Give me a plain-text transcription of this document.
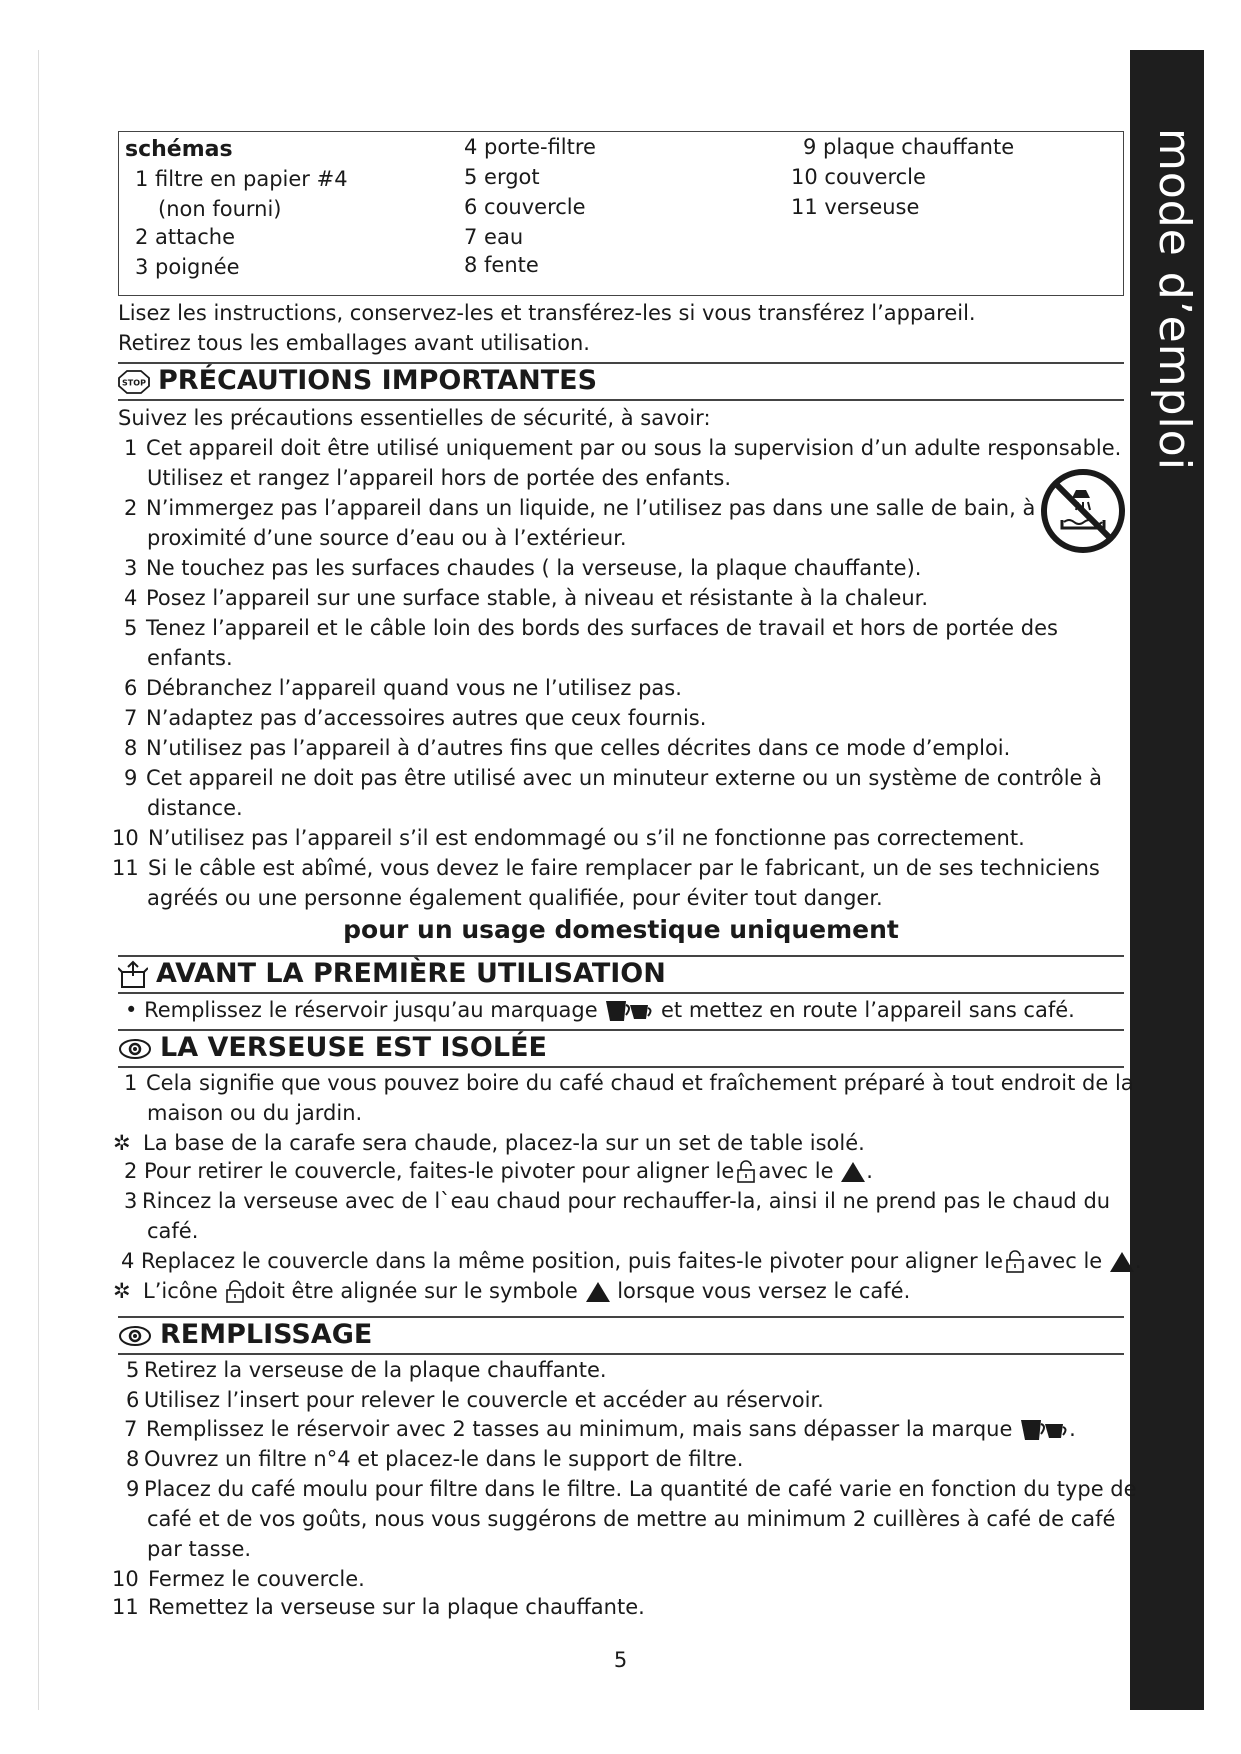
mode d’emploi
schémas
1 filtre en papier #4
(non fourni)
2 attache
3 poignée
4 porte-filtre
5 ergot
6 couvercle
7 eau
8 fente
9 plaque chauffante
10 couvercle
11 verseuse
Lisez les instructions, conservez-les et transférez-les si vous transférez l’appareil.
Retirez tous les emballages avant utilisation.
STOP PRÉCAUTIONS IMPORTANTES
Suivez les précautions essentielles de sécurité, à savoir:
1 Cet appareil doit être utilisé uniquement par ou sous la supervision d’un adulte responsable.
Utilisez et rangez l’appareil hors de portée des enfants.
2 N’immergez pas l’appareil dans un liquide, ne l’utilisez pas dans une salle de bain, à
proximité d’une source d’eau ou à l’extérieur.
3 Ne touchez pas les surfaces chaudes ( la verseuse, la plaque chauffante).
4 Posez l’appareil sur une surface stable, à niveau et résistante à la chaleur.
5 Tenez l’appareil et le câble loin des bords des surfaces de travail et hors de portée des
enfants.
6 Débranchez l’appareil quand vous ne l’utilisez pas.
7 N’adaptez pas d’accessoires autres que ceux fournis.
8 N’utilisez pas l’appareil à d’autres fins que celles décrites dans ce mode d’emploi.
9 Cet appareil ne doit pas être utilisé avec un minuteur externe ou un système de contrôle à
distance.
10 N’utilisez pas l’appareil s’il est endommagé ou s’il ne fonctionne pas correctement.
11 Si le câble est abîmé, vous devez le faire remplacer par le fabricant, un de ses techniciens
agréés ou une personne également qualifiée, pour éviter tout danger.
pour un usage domestique uniquement
AVANT LA PREMIÈRE UTILISATION
• Remplissez le réservoir jusqu’au marquage	et mettez en route l’appareil sans café.
LA VERSEUSE EST ISOLÉE
1 Cela signifie que vous pouvez boire du café chaud et fraîchement préparé à tout endroit de la
maison ou du jardin.
✲ La base de la carafe sera chaude, placez-la sur un set de table isolé.
2 Pour retirer le couvercle, faites-le pivoter pour aligner le avec le .
3 Rincez la verseuse avec de l`eau chaud pour rechauffer-la, ainsi il ne prend pas le chaud du
café.
4 Replacez le couvercle dans la même position, puis faites-le pivoter pour aligner le avec le .
✲ L’icône doit être alignée sur le symbole lorsque vous versez le café.
REMPLISSAGE
5 Retirez la verseuse de la plaque chauffante.
6 Utilisez l’insert pour relever le couvercle et accéder au réservoir.
7 Remplissez le réservoir avec 2 tasses au minimum, mais sans dépasser la marque	.
8 Ouvrez un filtre n°4 et placez-le dans le support de filtre.
9 Placez du café moulu pour filtre dans le filtre. La quantité de café varie en fonction du type de
café et de vos goûts, nous vous suggérons de mettre au minimum 2 cuillères à café de café
par tasse.
10 Fermez le couvercle.
11 Remettez la verseuse sur la plaque chauffante.
5
